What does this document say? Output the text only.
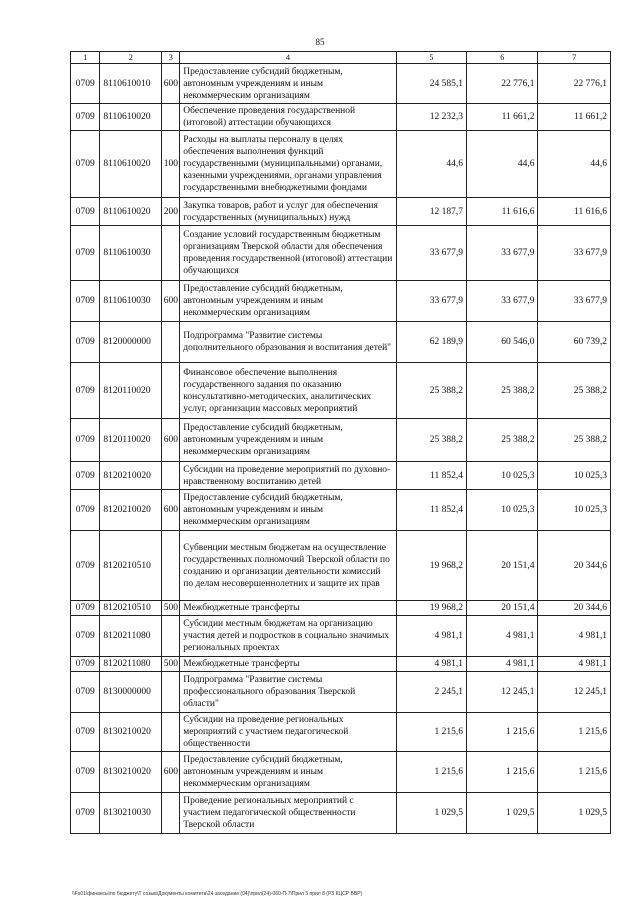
85
1	2	3	4	5	6	7
0709	8110610010	600	Предоставление субсидий бюджетным, автономным учреждениям и иным некоммерческим организациям	24 585,1	22 776,1	22 776,1
0709	8110610020		Обеспечение проведения государственной (итоговой) аттестации обучающихся	12 232,3	11 661,2	11 661,2
0709	8110610020	100	Расходы на выплаты персоналу в целях обеспечения выполнения функций государственными (муниципальными) органами, казенными учреждениями, органами управления государственными внебюджетными фондами	44,6	44,6	44,6
0709	8110610020	200	Закупка товаров, работ и услуг для обеспечения государственных (муниципальных) нужд	12 187,7	11 616,6	11 616,6
0709	8110610030		Создание условий государственным бюджетным организациям Тверской области для обеспечения проведения государственной (итоговой) аттестации обучающихся	33 677,9	33 677,9	33 677,9
0709	8110610030	600	Предоставление субсидий бюджетным, автономным учреждениям и иным некоммерческим организациям	33 677,9	33 677,9	33 677,9
0709	8120000000		Подпрограмма "Развитие системы дополнительного образования и воспитания детей"	62 189,9	60 546,0	60 739,2
0709	8120110020		Финансовое обеспечение выполнения государственного задания по оказанию консультативно-методических, аналитических услуг, организации массовых мероприятий	25 388,2	25 388,2	25 388,2
0709	8120110020	600	Предоставление субсидий бюджетным, автономным учреждениям и иным некоммерческим организациям	25 388,2	25 388,2	25 388,2
0709	8120210020		Субсидии на проведение мероприятий по духовно-нравственному воспитанию детей	11 852,4	10 025,3	10 025,3
0709	8120210020	600	Предоставление субсидий бюджетным, автономным учреждениям и иным некоммерческим организациям	11 852,4	10 025,3	10 025,3
0709	8120210510		Субвенции местным бюджетам на осуществление государственных полномочий Тверской области по созданию и организации деятельности комиссий по делам несовершеннолетних и защите их прав	19 968,2	20 151,4	20 344,6
0709	8120210510	500	Межбюджетные трансферты	19 968,2	20 151,4	20 344,6
0709	8120211080		Субсидии местным бюджетам на организацию участия детей и подростков в социально значимых региональных проектах	4 981,1	4 981,1	4 981,1
0709	8120211080	500	Межбюджетные трансферты	4 981,1	4 981,1	4 981,1
0709	8130000000		Подпрограмма "Развитие системы профессионального образования Тверской области"	2 245,1	12 245,1	12 245,1
0709	8130210020		Субсидии на проведение региональных мероприятий с участием педагогической общественности	1 215,6	1 215,6	1 215,6
0709	8130210020	600	Предоставление субсидий бюджетным, автономным учреждениям и иным некоммерческим организациям	1 215,6	1 215,6	1 215,6
0709	8130210030		Проведение региональных мероприятий с участием педагогической общественности Тверской области	1 029,5	1 029,5	1 029,5
\\Fs01\финансы\по бюджету\Т созыв\Документы комитета\24 заседание (04)\прил(24)-060-П-7\Прил 5 прил 8 (РЗ КЦСР ВВР)
